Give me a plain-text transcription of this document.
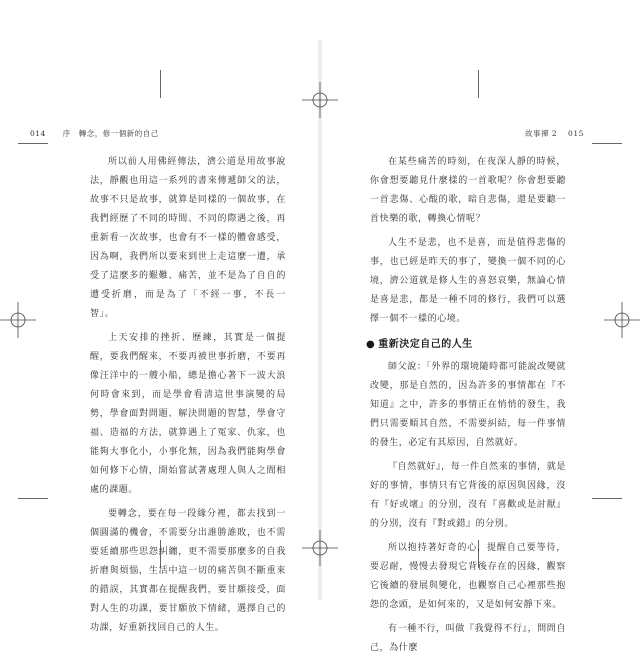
014 序　轉念，修一個新的自己

所以前人用佛經傳法，濟公道是用故事說法，靜觀也用這一系列的書來傳遞師父的法，故事不只是故事，就算是同樣的一個故事，在我們經歷了不同的時間、不同的際遇之後，再重新看一次故事，也會有不一樣的體會感受，因為啊，我們所以要來到世上走這麼一遭，承受了這麼多的艱難、痛苦，並不是為了自自的遭受折磨，而是為了「不經一事，不長一智」。

上天安排的挫折、歷練，其實是一個提醒，要我們醒來，不要再被世事折磨，不要再像汪洋中的一艘小船，總是擔心著下一波大浪何時會來到，而是學會看清這世事演變的局勢，學會面對問題、解決問題的智慧，學會守福、造福的方法，就算遇上了冤家、仇家，也能夠大事化小，小事化無，因為我們能夠學會如何修下心情，開始嘗試著處理人與人之間相處的課題。

要轉念，要在每一段緣分裡，都去找到一個圓滿的機會，不需要分出誰勝誰敗，也不需要延續那些思怨糾纏，更不需要那麼多的自我折磨與煩惱，生活中這一切的痛苦與不斷重來的錯誤，其實都在提醒我們，要甘願接受，面對人生的功課，要甘願放下情緒，選擇自己的功課，好重新找回自己的人生。

故事禪 2 015

在某些痛苦的時刻，在夜深人靜的時候，你會想要聽見什麼樣的一首歌呢？你會想要聽一首悲傷、心酸的歌，暗自悲傷，還是要聽一首快樂的歌，轉換心情呢？

人生不是悲，也不是喜，而是值得悲傷的事，也已經是昨天的事了，變換一個不同的心境，濟公道就是修人生的喜怒哀樂，無論心情是喜是悲，都是一種不同的修行，我們可以選擇一個不一樣的心境。

● 重新決定自己的人生

師父說：「外界的環境隨時都可能說改變就改變，那是自然的，因為許多的事情都在『不知道』之中，許多的事情正在悄悄的發生，我們只需要順其自然，不需要糾結，每一件事情的發生，必定有其原因，自然就好。

『自然就好』，每一件自然來的事情，就是好的事情，事情只有它背後的原因與因緣，沒有『好或壞』的分別，沒有『喜歡或是討厭』的分別，沒有『對或錯』的分別。

所以抱持著好奇的心，提醒自己要等待，要忍耐，慢慢去發現它背後存在的因緣，觀察它後續的發展與變化，也觀察自己心裡那些抱怨的念頭，是如何來的，又是如何安靜下來。

有一種不行，叫做『我覺得不行』，問問自己，為什麼
